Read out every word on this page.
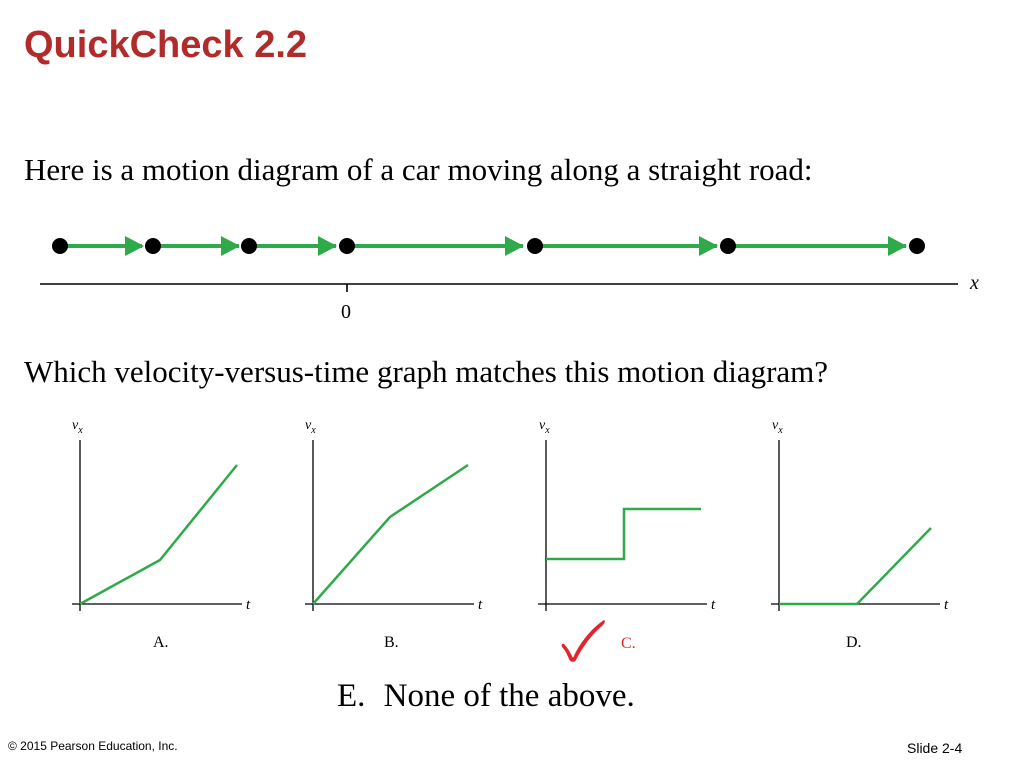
QuickCheck 2.2

Here is a motion diagram of a car moving along a straight road:

x
0

Which velocity-versus-time graph matches this motion diagram?

$v_x$
t
A.
$v_x$
t
B.
$v_x$
t
C.
$v_x$
t
D.
E. None of the above.
© 2015 Pearson Education, Inc.	Slide 2-4
